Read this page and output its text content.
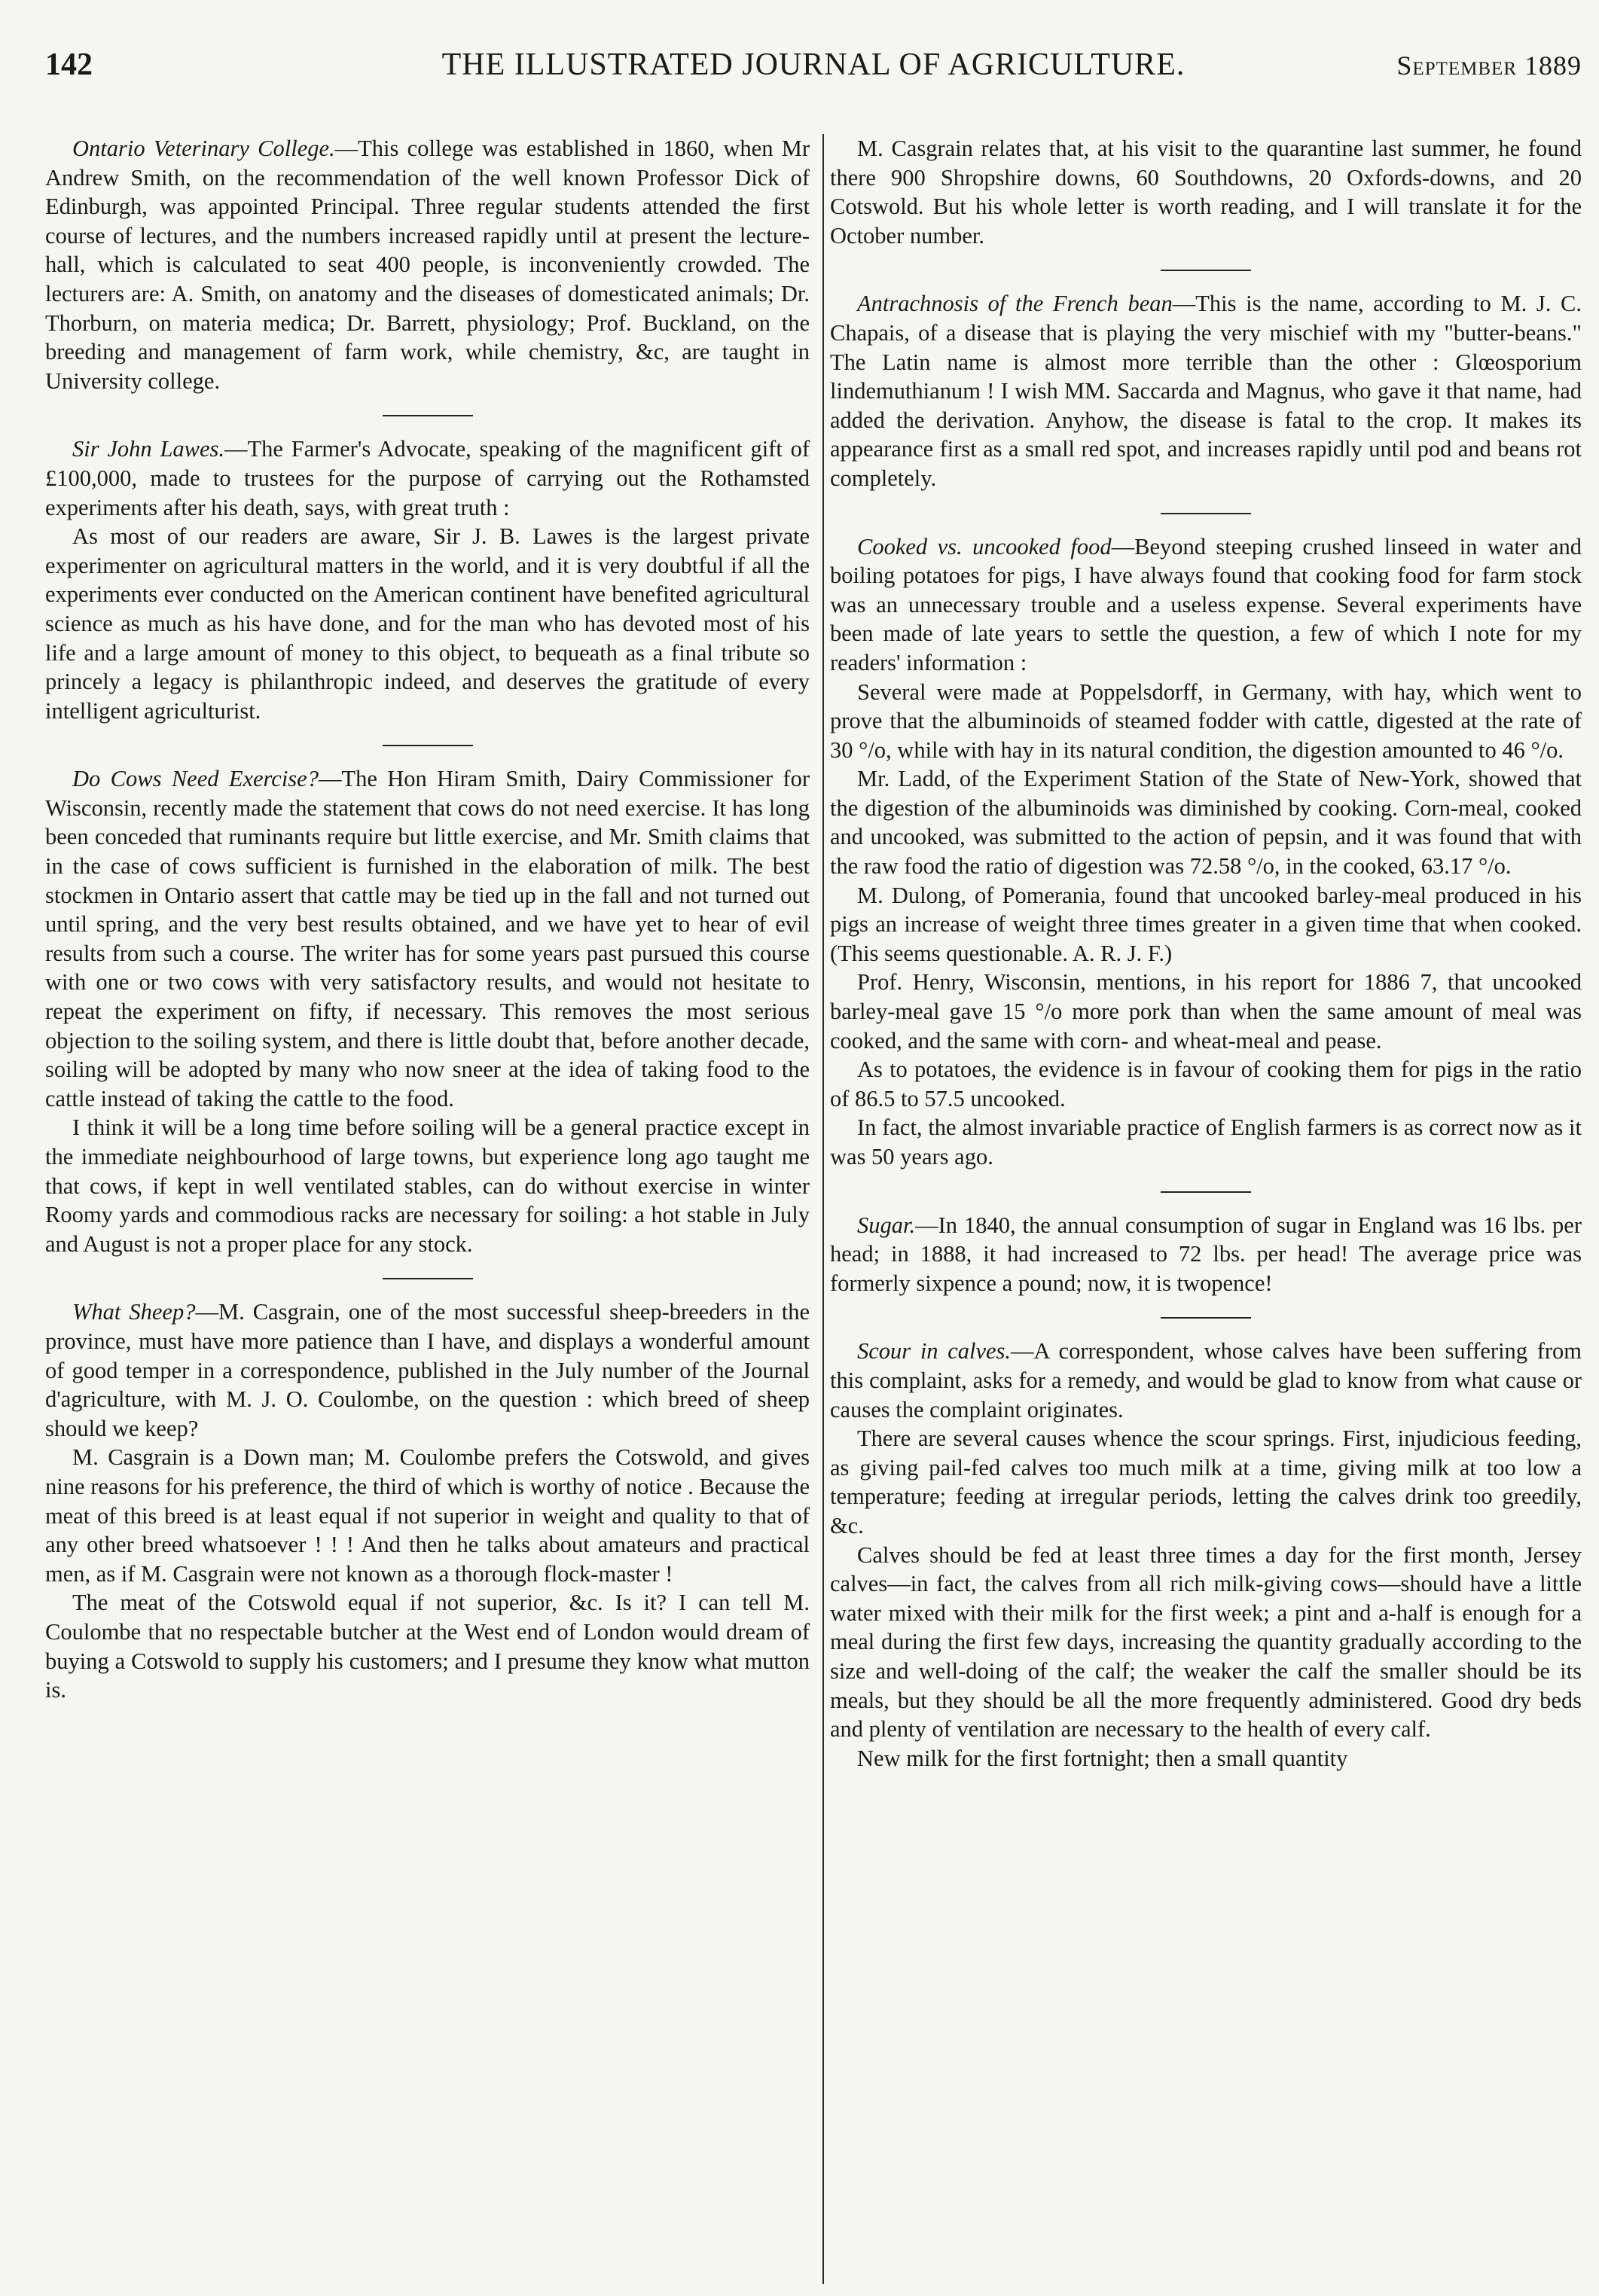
142	THE ILLUSTRATED JOURNAL OF AGRICULTURE.	September 1889

Ontario Veterinary College.—This college was established in 1860, when Mr Andrew Smith, on the recommendation of the well known Professor Dick of Edinburgh, was appointed Principal. Three regular students attended the first course of lectures, and the numbers increased rapidly until at present the lecture-hall, which is calculated to seat 400 people, is inconveniently crowded. The lecturers are: A. Smith, on anatomy and the diseases of domesticated animals; Dr. Thorburn, on materia medica; Dr. Barrett, physiology; Prof. Buckland, on the breeding and management of farm work, while chemistry, &c, are taught in University college.

Sir John Lawes.—The Farmer's Advocate, speaking of the magnificent gift of £100,000, made to trustees for the purpose of carrying out the Rothamsted experiments after his death, says, with great truth :

As most of our readers are aware, Sir J. B. Lawes is the largest private experimenter on agricultural matters in the world, and it is very doubtful if all the experiments ever conducted on the American continent have benefited agricultural science as much as his have done, and for the man who has devoted most of his life and a large amount of money to this object, to bequeath as a final tribute so princely a legacy is philanthropic indeed, and deserves the gratitude of every intelligent agriculturist.

Do Cows Need Exercise?—The Hon Hiram Smith, Dairy Commissioner for Wisconsin, recently made the statement that cows do not need exercise. It has long been conceded that ruminants require but little exercise, and Mr. Smith claims that in the case of cows sufficient is furnished in the elaboration of milk. The best stockmen in Ontario assert that cattle may be tied up in the fall and not turned out until spring, and the very best results obtained, and we have yet to hear of evil results from such a course. The writer has for some years past pursued this course with one or two cows with very satisfactory results, and would not hesitate to repeat the experiment on fifty, if necessary. This removes the most serious objection to the soiling system, and there is little doubt that, before another decade, soiling will be adopted by many who now sneer at the idea of taking food to the cattle instead of taking the cattle to the food.

I think it will be a long time before soiling will be a general practice except in the immediate neighbourhood of large towns, but experience long ago taught me that cows, if kept in well ventilated stables, can do without exercise in winter Roomy yards and commodious racks are necessary for soiling: a hot stable in July and August is not a proper place for any stock.

What Sheep?—M. Casgrain, one of the most successful sheep-breeders in the province, must have more patience than I have, and displays a wonderful amount of good temper in a correspondence, published in the July number of the Journal d'agriculture, with M. J. O. Coulombe, on the question : which breed of sheep should we keep?

M. Casgrain is a Down man; M. Coulombe prefers the Cotswold, and gives nine reasons for his preference, the third of which is worthy of notice . Because the meat of this breed is at least equal if not superior in weight and quality to that of any other breed whatsoever ! ! ! And then he talks about amateurs and practical men, as if M. Casgrain were not known as a thorough flock-master !

The meat of the Cotswold equal if not superior, &c. Is it? I can tell M. Coulombe that no respectable butcher at the West end of London would dream of buying a Cotswold to supply his customers; and I presume they know what mutton is.

M. Casgrain relates that, at his visit to the quarantine last summer, he found there 900 Shropshire downs, 60 Southdowns, 20 Oxfords-downs, and 20 Cotswold. But his whole letter is worth reading, and I will translate it for the October number.

Antrachnosis of the French bean—This is the name, according to M. J. C. Chapais, of a disease that is playing the very mischief with my "butter-beans." The Latin name is almost more terrible than the other : Glœosporium lindemuthianum ! I wish MM. Saccarda and Magnus, who gave it that name, had added the derivation. Anyhow, the disease is fatal to the crop. It makes its appearance first as a small red spot, and increases rapidly until pod and beans rot completely.

Cooked vs. uncooked food—Beyond steeping crushed linseed in water and boiling potatoes for pigs, I have always found that cooking food for farm stock was an unnecessary trouble and a useless expense. Several experiments have been made of late years to settle the question, a few of which I note for my readers' information :

Several were made at Poppelsdorff, in Germany, with hay, which went to prove that the albuminoids of steamed fodder with cattle, digested at the rate of 30 °/o, while with hay in its natural condition, the digestion amounted to 46 °/o.

Mr. Ladd, of the Experiment Station of the State of New-York, showed that the digestion of the albuminoids was diminished by cooking. Corn-meal, cooked and uncooked, was submitted to the action of pepsin, and it was found that with the raw food the ratio of digestion was 72.58 °/o, in the cooked, 63.17 °/o.

M. Dulong, of Pomerania, found that uncooked barley-meal produced in his pigs an increase of weight three times greater in a given time that when cooked. (This seems questionable. A. R. J. F.)

Prof. Henry, Wisconsin, mentions, in his report for 1886 7, that uncooked barley-meal gave 15 °/o more pork than when the same amount of meal was cooked, and the same with corn- and wheat-meal and pease.

As to potatoes, the evidence is in favour of cooking them for pigs in the ratio of 86.5 to 57.5 uncooked.

In fact, the almost invariable practice of English farmers is as correct now as it was 50 years ago.

Sugar.—In 1840, the annual consumption of sugar in England was 16 lbs. per head; in 1888, it had increased to 72 lbs. per head! The average price was formerly sixpence a pound; now, it is twopence!

Scour in calves.—A correspondent, whose calves have been suffering from this complaint, asks for a remedy, and would be glad to know from what cause or causes the complaint originates.

There are several causes whence the scour springs. First, injudicious feeding, as giving pail-fed calves too much milk at a time, giving milk at too low a temperature; feeding at irregular periods, letting the calves drink too greedily, &c.

Calves should be fed at least three times a day for the first month, Jersey calves—in fact, the calves from all rich milk-giving cows—should have a little water mixed with their milk for the first week; a pint and a-half is enough for a meal during the first few days, increasing the quantity gradually according to the size and well-doing of the calf; the weaker the calf the smaller should be its meals, but they should be all the more frequently administered. Good dry beds and plenty of ventilation are necessary to the health of every calf.

New milk for the first fortnight; then a small quantity
